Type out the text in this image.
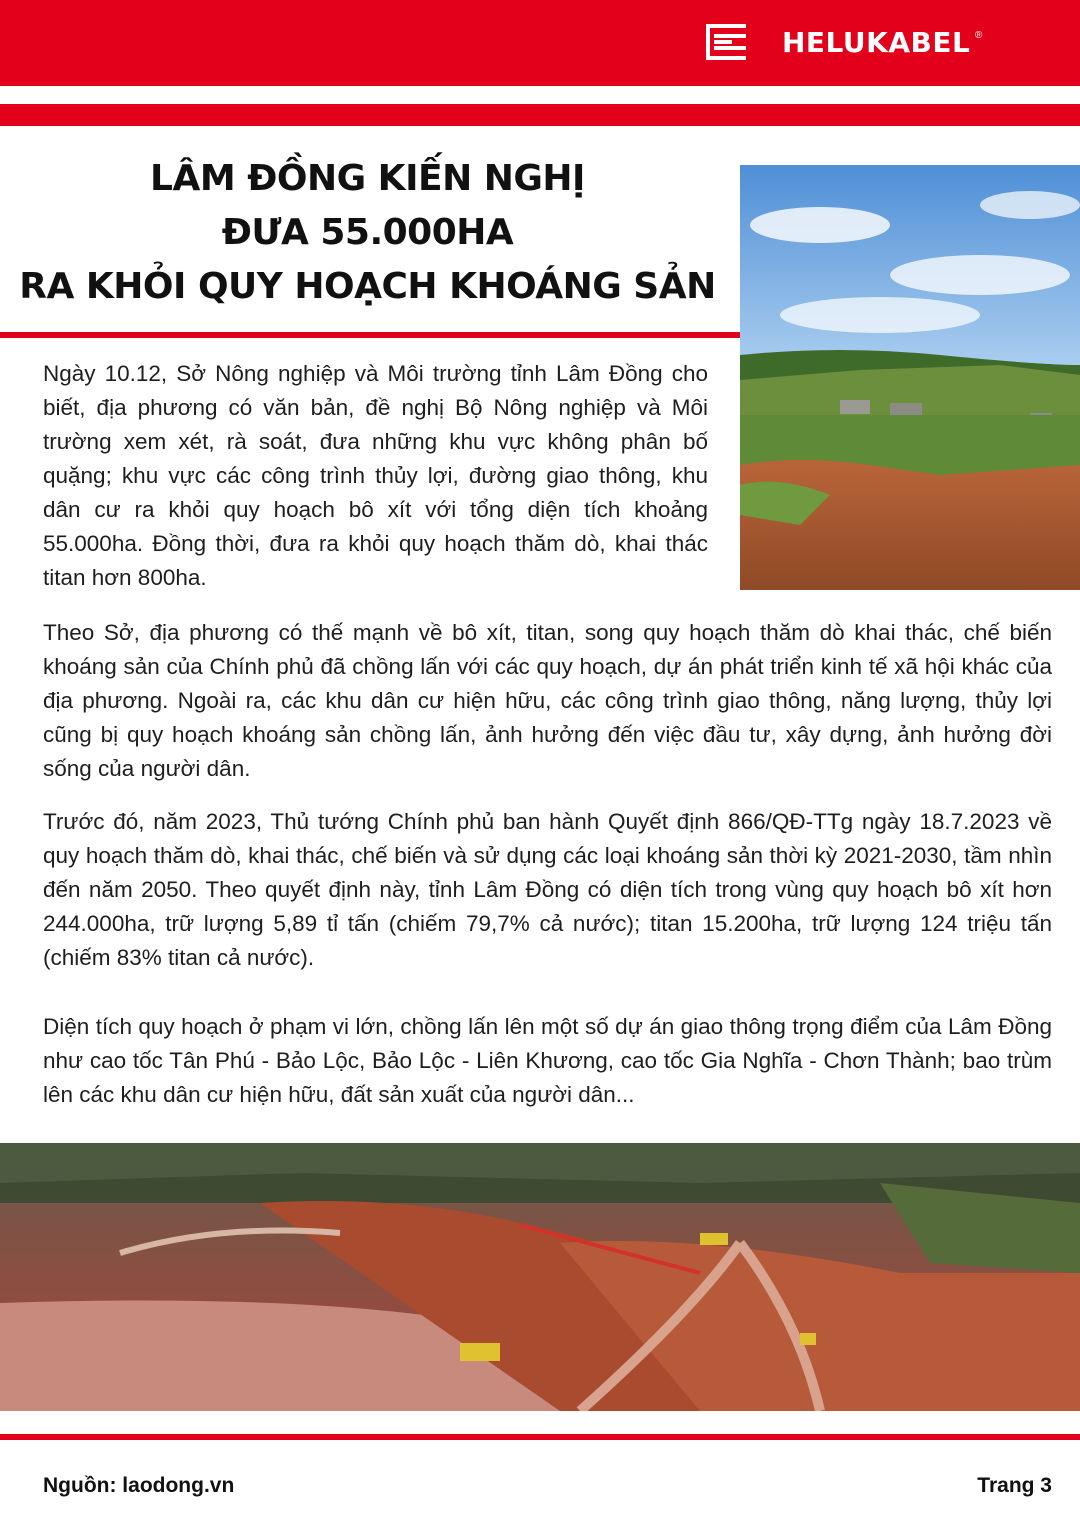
HELUKABEL ®
LÂM ĐỒNG KIẾN NGHỊ
ĐƯA 55.000HA
RA KHỎI QUY HOẠCH KHOÁNG SẢN
Ngày 10.12, Sở Nông nghiệp và Môi trường tỉnh Lâm Đồng cho biết, địa phương có văn bản, đề nghị Bộ Nông nghiệp và Môi trường xem xét, rà soát, đưa những khu vực không phân bố quặng; khu vực các công trình thủy lợi, đường giao thông, khu dân cư ra khỏi quy hoạch bô xít với tổng diện tích khoảng 55.000ha. Đồng thời, đưa ra khỏi quy hoạch thăm dò, khai thác titan hơn 800ha.
Theo Sở, địa phương có thế mạnh về bô xít, titan, song quy hoạch thăm dò khai thác, chế biến khoáng sản của Chính phủ đã chồng lấn với các quy hoạch, dự án phát triển kinh tế xã hội khác của địa phương. Ngoài ra, các khu dân cư hiện hữu, các công trình giao thông, năng lượng, thủy lợi cũng bị quy hoạch khoáng sản chồng lấn, ảnh hưởng đến việc đầu tư, xây dựng, ảnh hưởng đời sống của người dân.
Trước đó, năm 2023, Thủ tướng Chính phủ ban hành Quyết định 866/QĐ-TTg ngày 18.7.2023 về quy hoạch thăm dò, khai thác, chế biến và sử dụng các loại khoáng sản thời kỳ 2021-2030, tầm nhìn đến năm 2050. Theo quyết định này, tỉnh Lâm Đồng có diện tích trong vùng quy hoạch bô xít hơn 244.000ha, trữ lượng 5,89 tỉ tấn (chiếm 79,7% cả nước); titan 15.200ha, trữ lượng 124 triệu tấn (chiếm 83% titan cả nước).
Diện tích quy hoạch ở phạm vi lớn, chồng lấn lên một số dự án giao thông trọng điểm của Lâm Đồng như cao tốc Tân Phú - Bảo Lộc, Bảo Lộc - Liên Khương, cao tốc Gia Nghĩa - Chơn Thành; bao trùm lên các khu dân cư hiện hữu, đất sản xuất của người dân...
Nguồn: laodong.vn	Trang 3
